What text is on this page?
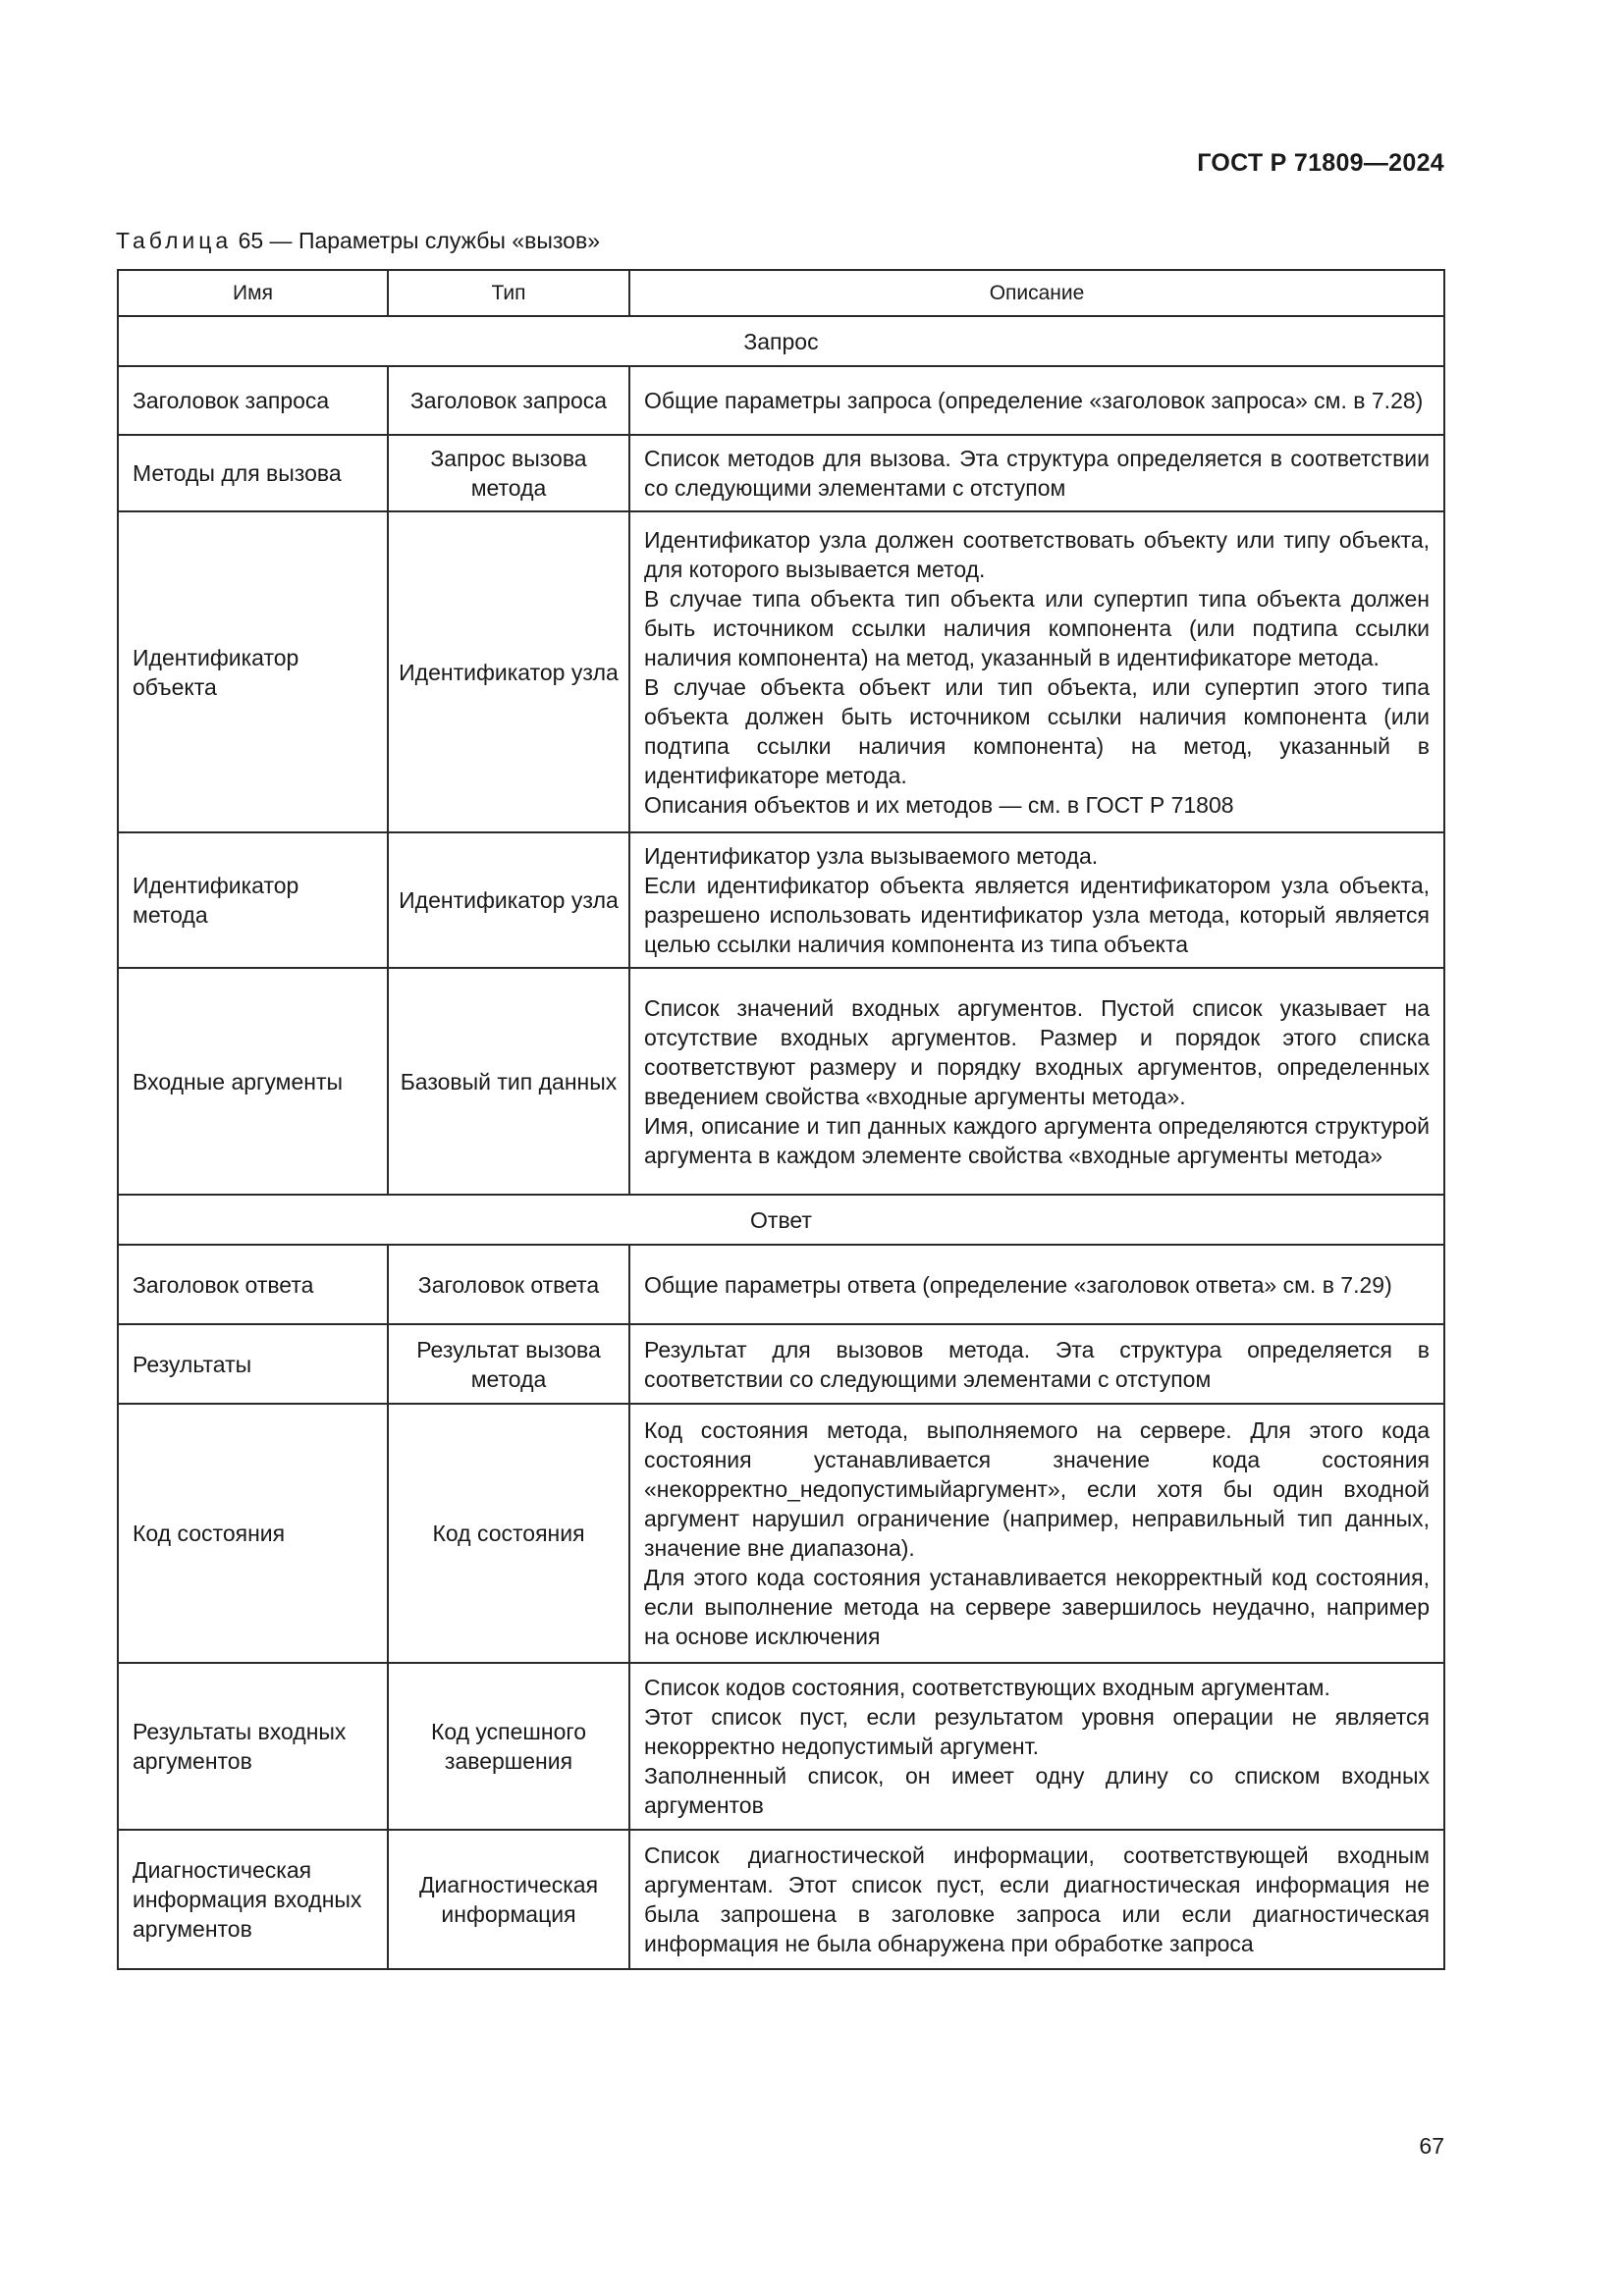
ГОСТ Р 71809—2024
Таблица 65 — Параметры службы «вызов»
Имя	Тип	Описание
Запрос		
Заголовок запроса	Заголовок запроса	Общие параметры запроса (определение «заголовок запроса» см. в 7.28)

Методы для вызова	Запрос вызова метода	Список методов для вызова. Эта структура определяется в соответствии со следующими элементами с отступом

Идентификатор объекта	Идентификатор узла	Идентификатор узла должен соответствовать объекту или типу объекта, для которого вызывается метод.
В случае типа объекта тип объекта или супертип типа объекта должен быть источником ссылки наличия компонента (или подтипа ссылки наличия компонента) на метод, указанный в идентификаторе метода.
В случае объекта объект или тип объекта, или супертип этого типа объекта должен быть источником ссылки наличия компонента (или подтипа ссылки наличия компонента) на метод, указанный в идентификаторе метода.
Описания объектов и их методов — см. в ГОСТ Р 71808

Идентификатор метода	Идентификатор узла	Идентификатор узла вызываемого метода.
Если идентификатор объекта является идентификатором узла объекта, разрешено использовать идентификатор узла метода, который является целью ссылки наличия компонента из типа объекта

Входные аргументы	Базовый тип данных	Список значений входных аргументов. Пустой список указывает на отсутствие входных аргументов. Размер и порядок этого списка соответствуют размеру и порядку входных аргументов, определенных введением свойства «входные аргументы метода».
Имя, описание и тип данных каждого аргумента определяются структурой аргумента в каждом элементе свойства «входные аргументы метода»

Ответ		
Заголовок ответа	Заголовок ответа	Общие параметры ответа (определение «заголовок ответа» см. в 7.29)

Результаты	Результат вызова метода	Результат для вызовов метода. Эта структура определяется в соответствии со следующими элементами с отступом

Код состояния	Код состояния	Код состояния метода, выполняемого на сервере. Для этого кода состояния устанавливается значение кода состояния «некорректно_недопустимыйаргумент», если хотя бы один входной аргумент нарушил ограничение (например, неправильный тип данных, значение вне диапазона).
Для этого кода состояния устанавливается некорректный код состояния, если выполнение метода на сервере завершилось неудачно, например на основе исключения

Результаты входных аргументов	Код успешного завершения	Список кодов состояния, соответствующих входным аргументам.
Этот список пуст, если результатом уровня операции не является некорректно недопустимый аргумент.
Заполненный список, он имеет одну длину со списком входных аргументов

Диагностическая информация входных аргументов	Диагностическая информация	Список диагностической информации, соответствующей входным аргументам. Этот список пуст, если диагностическая информация не была запрошена в заголовке запроса или если диагностическая информация не была обнаружена при обработке запроса
67
